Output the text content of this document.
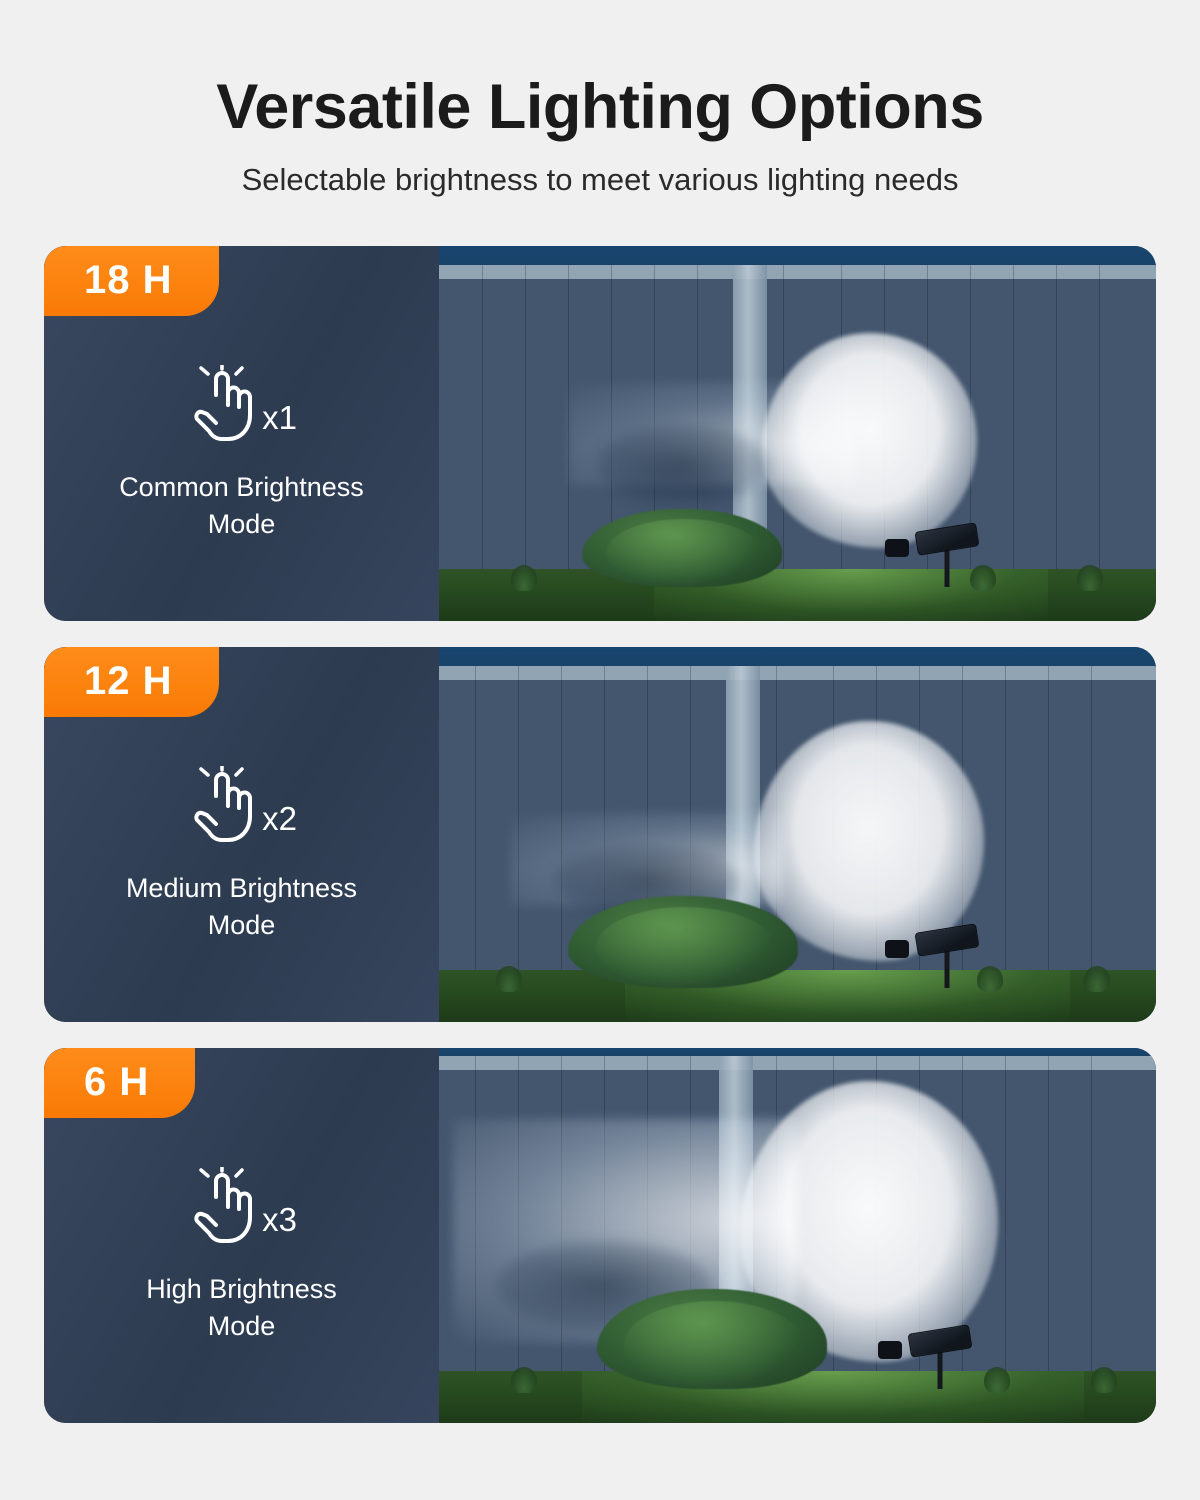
Versatile Lighting Options

Selectable brightness to meet various lighting needs

18 H
x1
Common Brightness
Mode
12 H
x2
Medium Brightness
Mode
6 H
x3
High Brightness
Mode
